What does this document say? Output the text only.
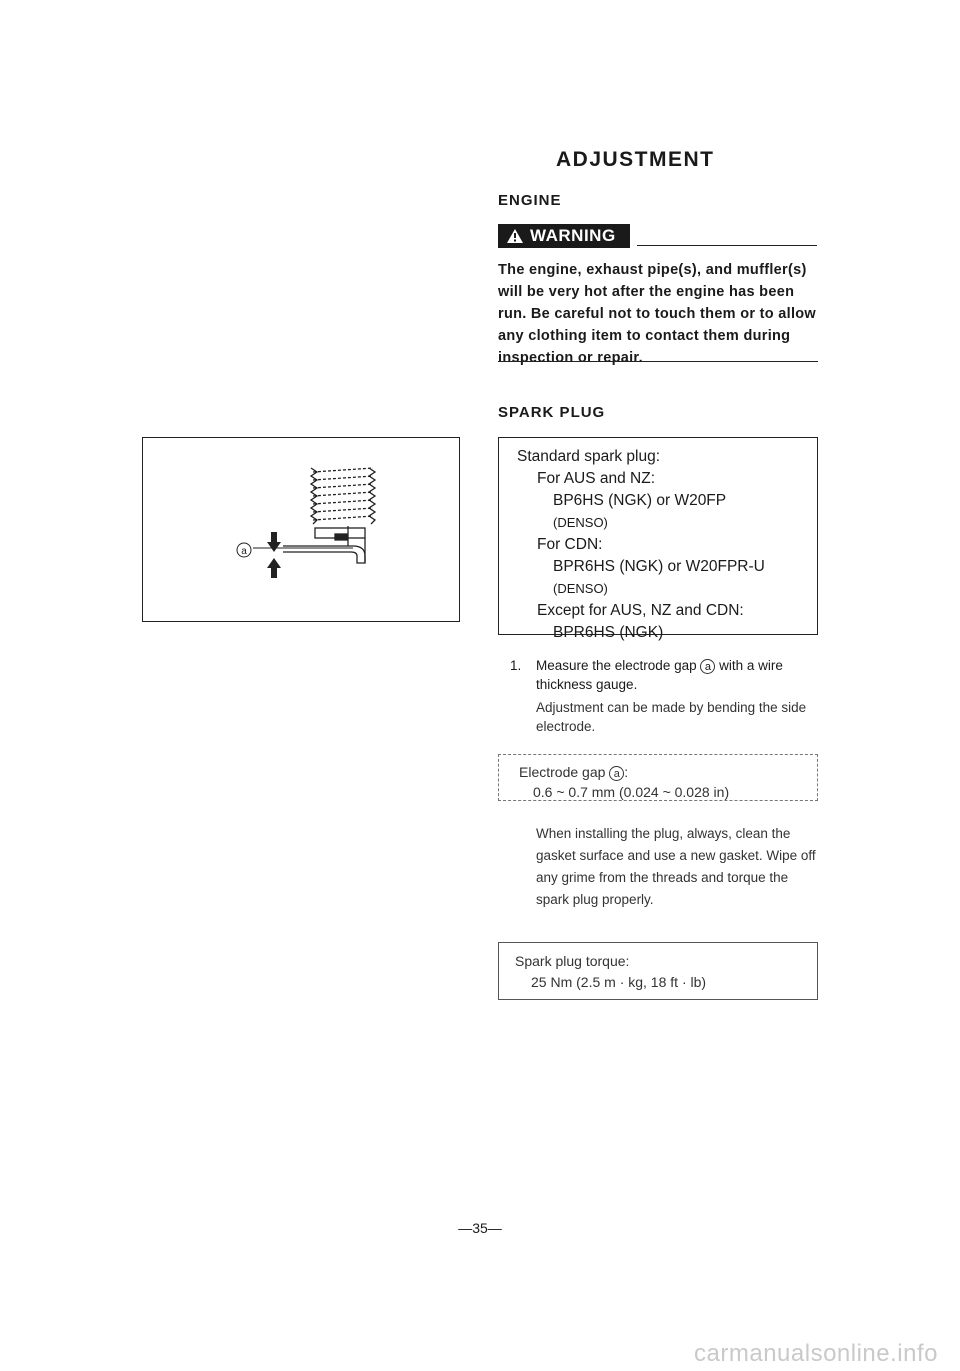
ADJUSTMENT
ENGINE
WARNING
The engine, exhaust pipe(s), and muffler(s) will be very hot after the engine has been run. Be careful not to touch them or to allow any clothing item to contact them during inspection or repair.
SPARK PLUG
a
Standard spark plug:
For AUS and NZ:
BP6HS (NGK) or W20FP
(DENSO)
For CDN:
BPR6HS (NGK) or W20FPR-U
(DENSO)
Except for AUS, NZ and CDN:
BPR6HS (NGK)
1. Measure the electrode gap a with a wire thickness gauge.

Adjustment can be made by bending the side electrode.

Electrode gap a :
0.6 ~ 0.7 mm (0.024 ~ 0.028 in)
When installing the plug, always, clean the gasket surface and use a new gasket. Wipe off any grime from the threads and torque the spark plug properly.
Spark plug torque:
25 Nm (2.5 m · kg, 18 ft · lb)
—35—
carmanualsonline.info
